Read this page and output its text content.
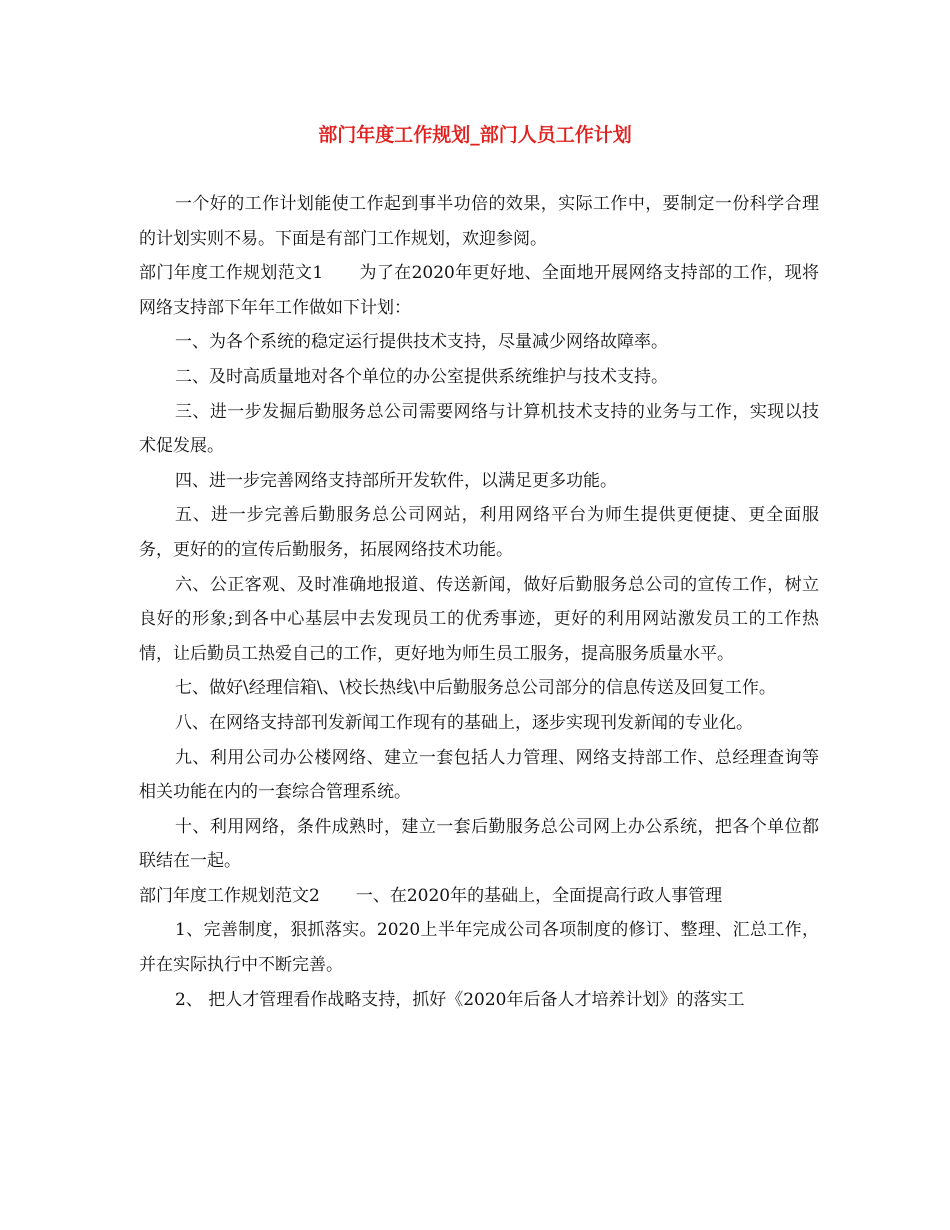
部门年度工作规划_部门人员工作计划

一个好的工作计划能使工作起到事半功倍的效果，实际工作中，要制定一份科学合理的计划实则不易。下面是有部门工作规划，欢迎参阅。

部门年度工作规划范文1 为了在2020年更好地、全面地开展网络支持部的工作，现将网络支持部下年年工作做如下计划：

一、为各个系统的稳定运行提供技术支持，尽量减少网络故障率。

二、及时高质量地对各个单位的办公室提供系统维护与技术支持。

三、进一步发掘后勤服务总公司需要网络与计算机技术支持的业务与工作，实现以技术促发展。

四、进一步完善网络支持部所开发软件，以满足更多功能。

五、进一步完善后勤服务总公司网站，利用网络平台为师生提供更便捷、更全面服务，更好的的宣传后勤服务，拓展网络技术功能。

六、公正客观、及时准确地报道、传送新闻，做好后勤服务总公司的宣传工作，树立良好的形象;到各中心基层中去发现员工的优秀事迹，更好的利用网站激发员工的工作热情，让后勤员工热爱自己的工作，更好地为师生员工服务，提高服务质量水平。

七、做好\经理信箱\、\校长热线\中后勤服务总公司部分的信息传送及回复工作。

八、在网络支持部刊发新闻工作现有的基础上，逐步实现刊发新闻的专业化。

九、利用公司办公楼网络、建立一套包括人力管理、网络支持部工作、总经理查询等相关功能在内的一套综合管理系统。

十、利用网络，条件成熟时，建立一套后勤服务总公司网上办公系统，把各个单位都联结在一起。

部门年度工作规划范文2 一、在2020年的基础上，全面提高行政人事管理

1、完善制度，狠抓落实。2020上半年完成公司各项制度的修订、整理、汇总工作，并在实际执行中不断完善。

2、 把人才管理看作战略支持，抓好《2020年后备人才培养计划》的落实工
